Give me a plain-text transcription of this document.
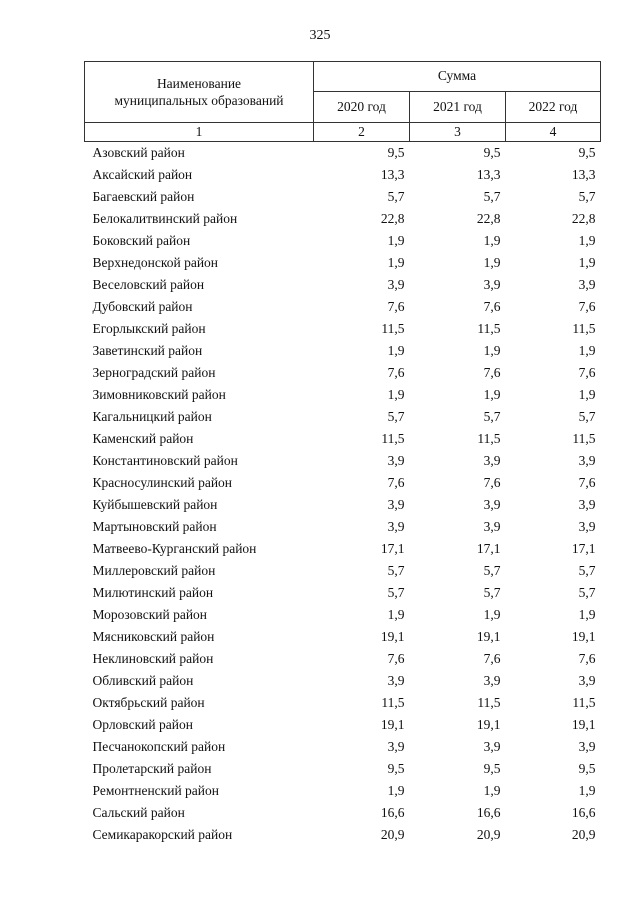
325
Наименование
муниципальных образований	Сумма		
	2020 год	2021 год	2022 год
1	2	3	4
Азовский район	9,5	9,5	9,5
Аксайский район	13,3	13,3	13,3
Багаевский район	5,7	5,7	5,7
Белокалитвинский район	22,8	22,8	22,8
Боковский район	1,9	1,9	1,9
Верхнедонской район	1,9	1,9	1,9
Веселовский район	3,9	3,9	3,9
Дубовский район	7,6	7,6	7,6
Егорлыкский район	11,5	11,5	11,5
Заветинский район	1,9	1,9	1,9
Зерноградский район	7,6	7,6	7,6
Зимовниковский район	1,9	1,9	1,9
Кагальницкий район	5,7	5,7	5,7
Каменский район	11,5	11,5	11,5
Константиновский район	3,9	3,9	3,9
Красносулинский район	7,6	7,6	7,6
Куйбышевский район	3,9	3,9	3,9
Мартыновский район	3,9	3,9	3,9
Матвеево-Курганский район	17,1	17,1	17,1
Миллеровский район	5,7	5,7	5,7
Милютинский район	5,7	5,7	5,7
Морозовский район	1,9	1,9	1,9
Мясниковский район	19,1	19,1	19,1
Неклиновский район	7,6	7,6	7,6
Обливский район	3,9	3,9	3,9
Октябрьский район	11,5	11,5	11,5
Орловский район	19,1	19,1	19,1
Песчанокопский район	3,9	3,9	3,9
Пролетарский район	9,5	9,5	9,5
Ремонтненский район	1,9	1,9	1,9
Сальский район	16,6	16,6	16,6
Семикаракорский район	20,9	20,9	20,9
